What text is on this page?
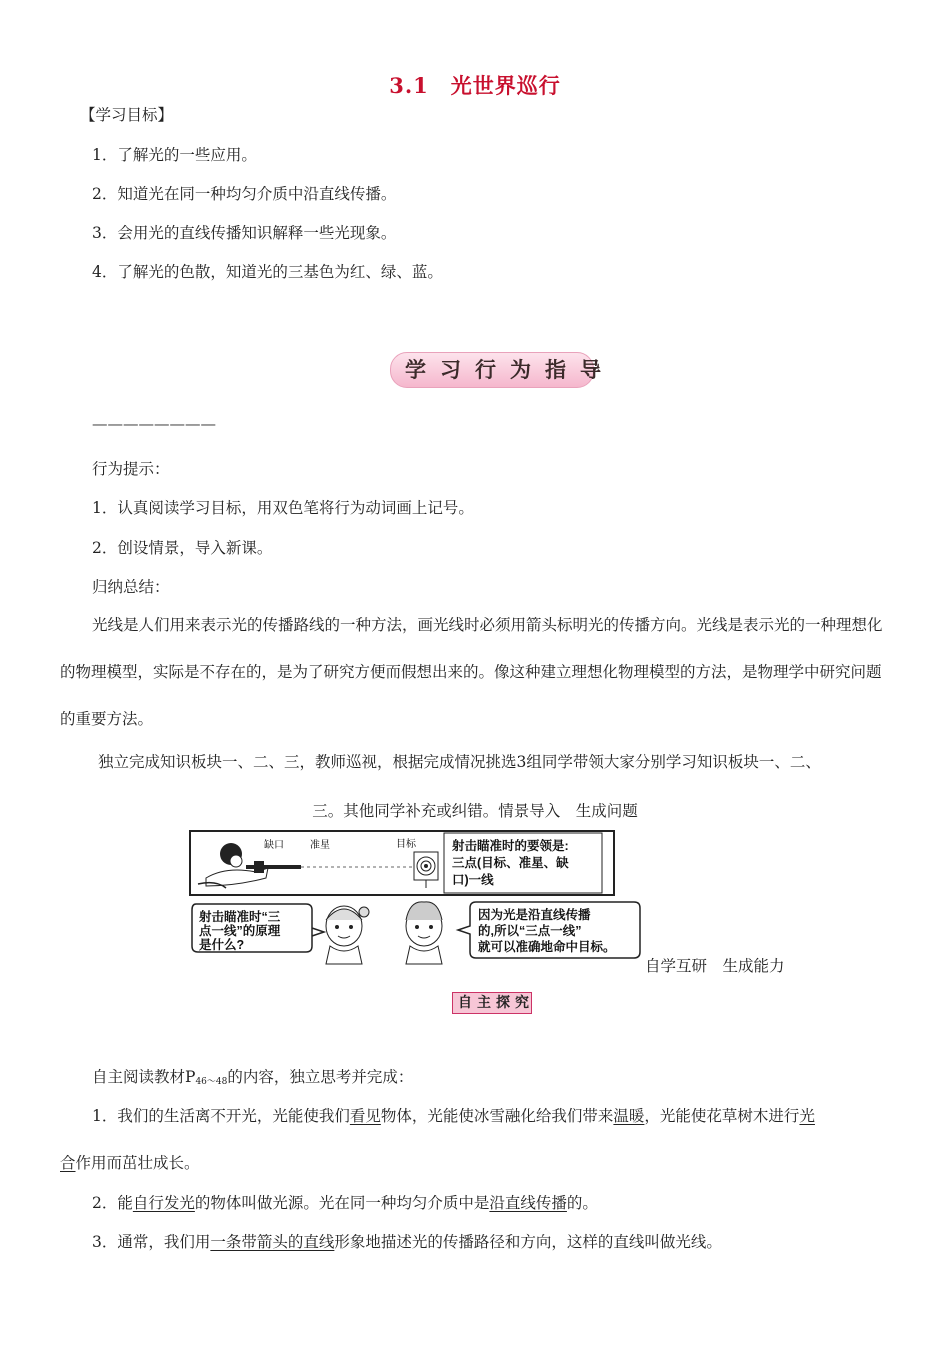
3.1　光世界巡行
【学习目标】
1．了解光的一些应用。
2．知道光在同一种均匀介质中沿直线传播。
3．会用光的直线传播知识解释一些光现象。
4．了解光的色散，知道光的三基色为红、绿、蓝。
学习行为指导
————————
行为提示：
1．认真阅读学习目标，用双色笔将行为动词画上记号。
2．创设情景，导入新课。
归纳总结：
光线是人们用来表示光的传播路线的一种方法，画光线时必须用箭头标明光的传播方向。光线是表示光的一种理想化的物理模型，实际是不存在的，是为了研究方便而假想出来的。像这种建立理想化物理模型的方法，是物理学中研究问题的重要方法。
独立完成知识板块一、二、三，教师巡视，根据完成情况挑选3组同学带领大家分别学习知识板块一、二、
三。其他同学补充或纠错。情景导入　生成问题
缺口	准星	目标	射击瞄准时的要领是: 三点(目标、准星、缺 口)一线
射击瞄准时“三 点一线”的原理 是什么?
因为光是沿直线传播 的,所以“三点一线” 就可以准确地命中目标。
自学互研　生成能力
自主探究
自主阅读教材$P_{46\sim 48}$的内容，独立思考并完成：
1．我们的生活离不开光，光能使我们看见物体，光能使冰雪融化给我们带来温暖，光能使花草树木进行光
合作用而茁壮成长。
2．能自行发光的物体叫做光源。光在同一种均匀介质中是沿直线传播的。
3．通常，我们用一条带箭头的直线形象地描述光的传播路径和方向，这样的直线叫做光线。
